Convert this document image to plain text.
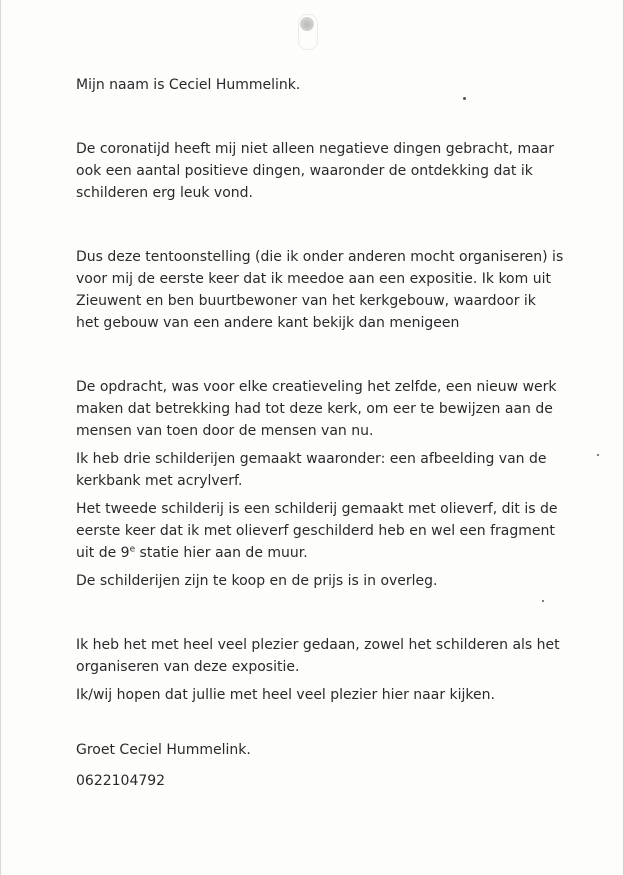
Mijn naam is Ceciel Hummelink.

De coronatijd heeft mij niet alleen negatieve dingen gebracht, maar
ook een aantal positieve dingen, waaronder de ontdekking dat ik
schilderen erg leuk vond.

Dus deze tentoonstelling (die ik onder anderen mocht organiseren) is
voor mij de eerste keer dat ik meedoe aan een expositie. Ik kom uit
Zieuwent en ben buurtbewoner van het kerkgebouw, waardoor ik
het gebouw van een andere kant bekijk dan menigeen

De opdracht, was voor elke creatieveling het zelfde, een nieuw werk
maken dat betrekking had tot deze kerk, om eer te bewijzen aan de
mensen van toen door de mensen van nu.

Ik heb drie schilderijen gemaakt waaronder: een afbeelding van de
kerkbank met acrylverf.

Het tweede schilderij is een schilderij gemaakt met olieverf, dit is de
eerste keer dat ik met olieverf geschilderd heb en wel een fragment
uit de 9e statie hier aan de muur.

De schilderijen zijn te koop en de prijs is in overleg.

Ik heb het met heel veel plezier gedaan, zowel het schilderen als het
organiseren van deze expositie.

Ik/wij hopen dat jullie met heel veel plezier hier naar kijken.

Groet Ceciel Hummelink.

0622104792
